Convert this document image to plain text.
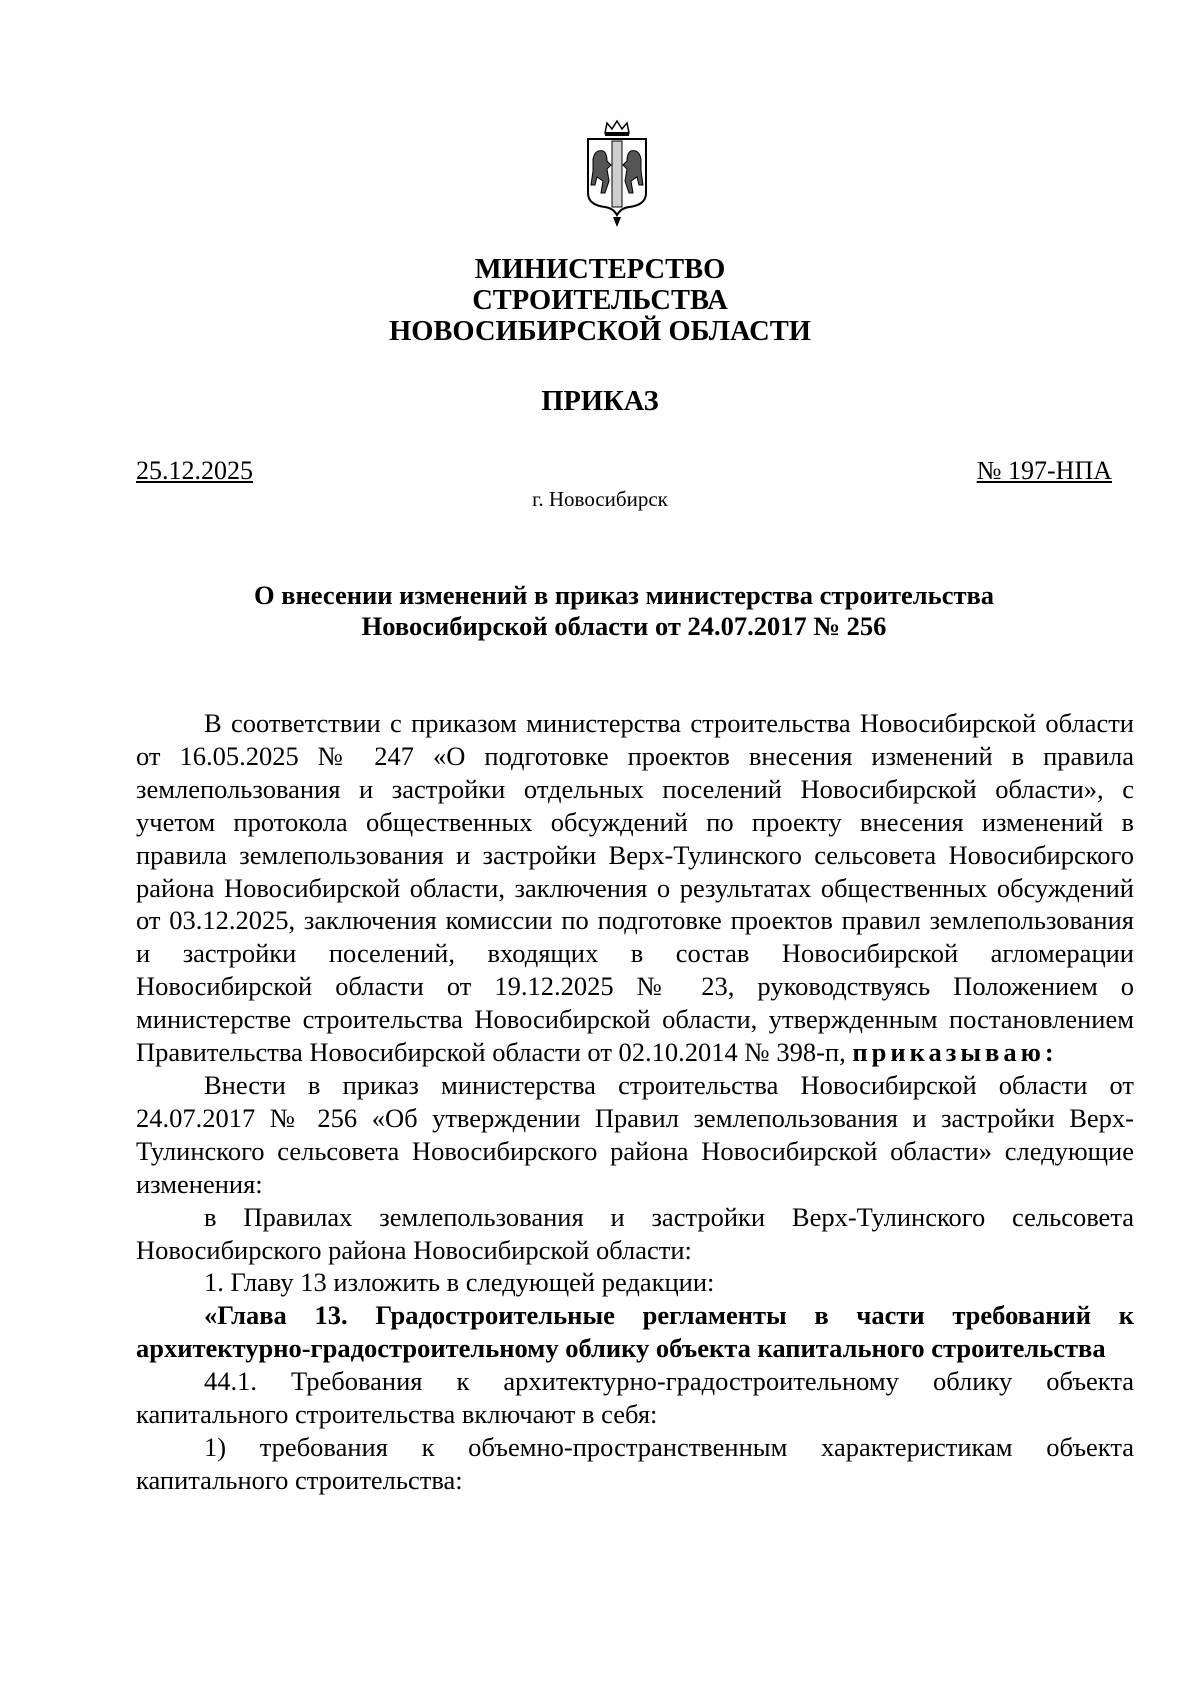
МИНИСТЕРСТВО
СТРОИТЕЛЬСТВА
НОВОСИБИРСКОЙ ОБЛАСТИ
ПРИКАЗ
25.12.2025	№ 197-НПА
г. Новосибирск
О внесении изменений в приказ министерства строительства
Новосибирской области от 24.07.2017 № 256

В соответствии с приказом министерства строительства Новосибирской области от 16.05.2025 № 247 «О подготовке проектов внесения изменений в правила землепользования и застройки отдельных поселений Новосибирской области», с учетом протокола общественных обсуждений по проекту внесения изменений в правила землепользования и застройки Верх-Тулинского сельсовета Новосибирского района Новосибирской области, заключения о результатах общественных обсуждений от 03.12.2025, заключения комиссии по подготовке проектов правил землепользования и застройки поселений, входящих в состав Новосибирской агломерации Новосибирской области от 19.12.2025 № 23, руководствуясь Положением о министерстве строительства Новосибирской области, утвержденным постановлением Правительства Новосибирской области от 02.10.2014 № 398-п, приказываю:

Внести в приказ министерства строительства Новосибирской области от 24.07.2017 № 256 «Об утверждении Правил землепользования и застройки Верх-Тулинского сельсовета Новосибирского района Новосибирской области» следующие изменения:

в Правилах землепользования и застройки Верх-Тулинского сельсовета Новосибирского района Новосибирской области:

1. Главу 13 изложить в следующей редакции:

«Глава 13. Градостроительные регламенты в части требований к архитектурно-градостроительному облику объекта капитального строительства

44.1. Требования к архитектурно-градостроительному облику объекта капитального строительства включают в себя:

1) требования к объемно-пространственным характеристикам объекта капитального строительства:
